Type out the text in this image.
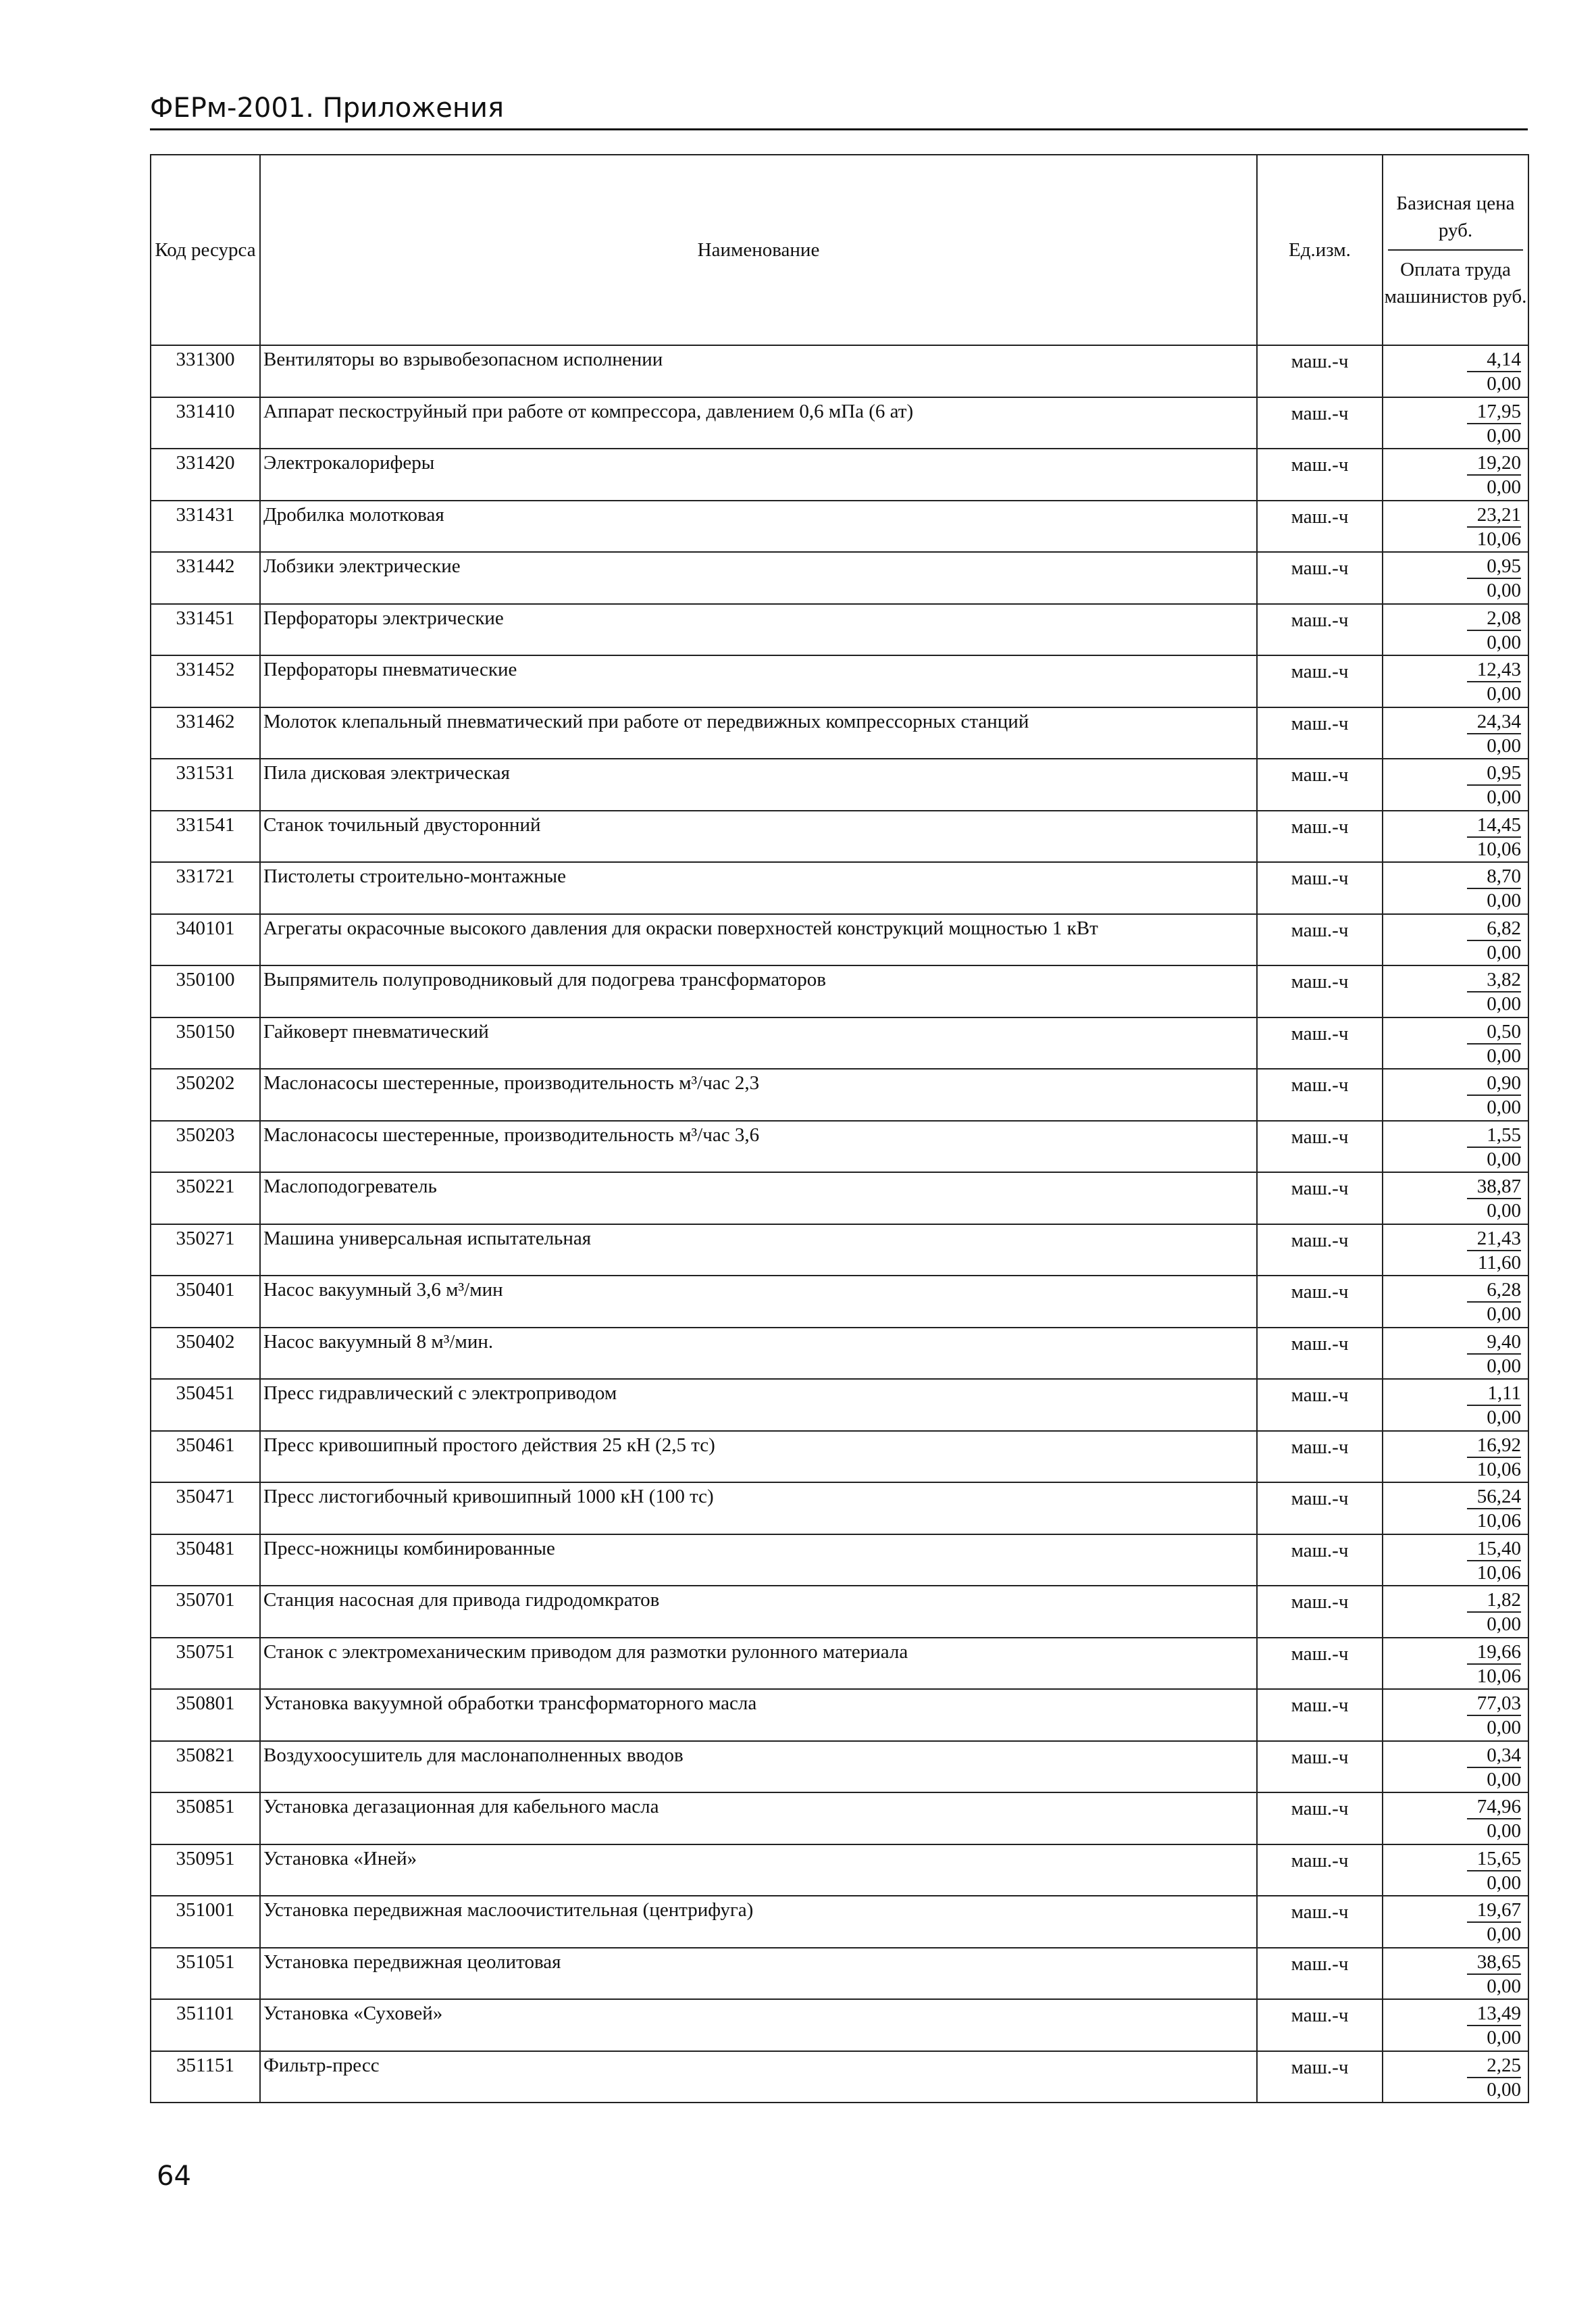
ФЕРм-2001. Приложения
Код ресурса	Наименование	Ед.изм.	Базисная цена руб.
Оплата труда машинистов руб.

331300	Вентиляторы во взрывобезопасном исполнении	маш.-ч	4,14
0,00

331410	Аппарат пескоструйный при работе от компрессора, давлением 0,6 мПа (6 ат)	маш.-ч	17,95
0,00

331420	Электрокалориферы	маш.-ч	19,20
0,00

331431	Дробилка молотковая	маш.-ч	23,21
10,06

331442	Лобзики электрические	маш.-ч	0,95
0,00

331451	Перфораторы электрические	маш.-ч	2,08
0,00

331452	Перфораторы пневматические	маш.-ч	12,43
0,00

331462	Молоток клепальный пневматический при работе от передвижных компрессорных станций	маш.-ч	24,34
0,00

331531	Пила дисковая электрическая	маш.-ч	0,95
0,00

331541	Станок точильный двусторонний	маш.-ч	14,45
10,06

331721	Пистолеты строительно-монтажные	маш.-ч	8,70
0,00

340101	Агрегаты окрасочные высокого давления для окраски поверхностей конструкций мощностью 1 кВт	маш.-ч	6,82
0,00

350100	Выпрямитель полупроводниковый для подогрева трансформаторов	маш.-ч	3,82
0,00

350150	Гайковерт пневматический	маш.-ч	0,50
0,00

350202	Маслонасосы шестеренные, производительность м³/час 2,3	маш.-ч	0,90
0,00

350203	Маслонасосы шестеренные, производительность м³/час 3,6	маш.-ч	1,55
0,00

350221	Маслоподогреватель	маш.-ч	38,87
0,00

350271	Машина универсальная испытательная	маш.-ч	21,43
11,60

350401	Насос вакуумный 3,6 м³/мин	маш.-ч	6,28
0,00

350402	Насос вакуумный 8 м³/мин.	маш.-ч	9,40
0,00

350451	Пресс гидравлический с электроприводом	маш.-ч	1,11
0,00

350461	Пресс кривошипный простого действия 25 кН (2,5 тс)	маш.-ч	16,92
10,06

350471	Пресс листогибочный кривошипный 1000 кН (100 тс)	маш.-ч	56,24
10,06

350481	Пресс-ножницы комбинированные	маш.-ч	15,40
10,06

350701	Станция насосная для привода гидродомкратов	маш.-ч	1,82
0,00

350751	Станок с электромеханическим приводом для размотки рулонного материала	маш.-ч	19,66
10,06

350801	Установка вакуумной обработки трансформаторного масла	маш.-ч	77,03
0,00

350821	Воздухоосушитель для маслонаполненных вводов	маш.-ч	0,34
0,00

350851	Установка дегазационная для кабельного масла	маш.-ч	74,96
0,00

350951	Установка «Иней»	маш.-ч	15,65
0,00

351001	Установка передвижная маслоочистительная (центрифуга)	маш.-ч	19,67
0,00

351051	Установка передвижная цеолитовая	маш.-ч	38,65
0,00

351101	Установка «Суховей»	маш.-ч	13,49
0,00

351151	Фильтр-пресс	маш.-ч	2,25
0,00
64
